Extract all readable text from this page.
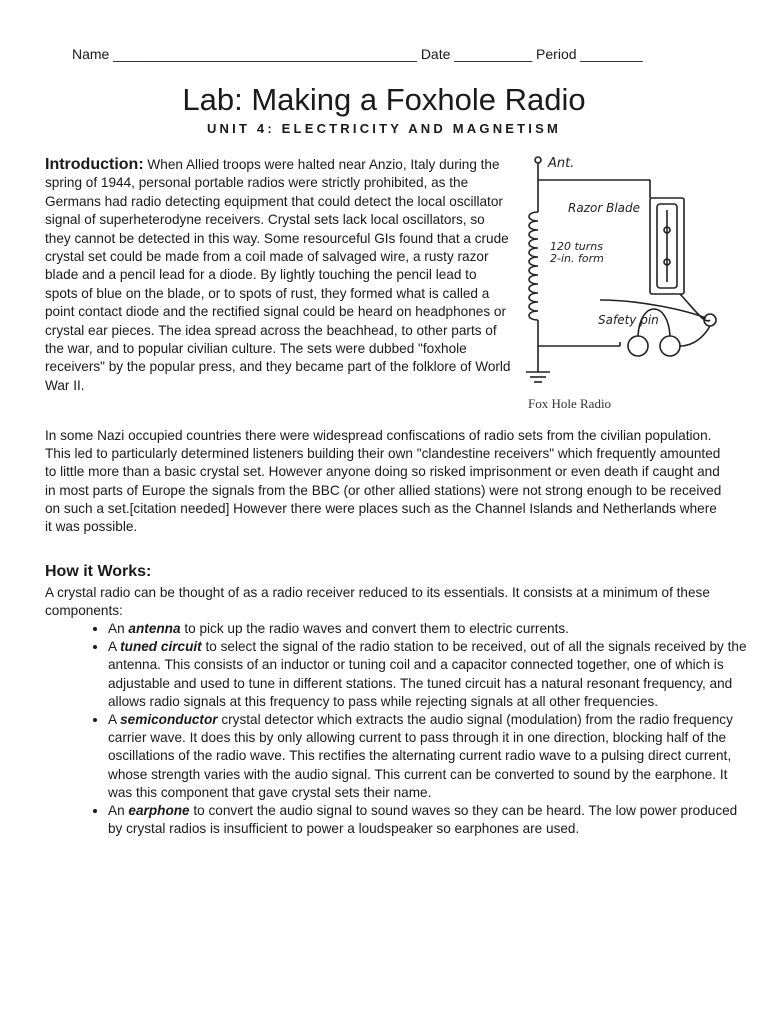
Name _______________________________________ Date __________ Period ________
Lab: Making a Foxhole Radio
UNIT 4: ELECTRICITY AND MAGNETISM
Introduction: When Allied troops were halted near Anzio, Italy during the spring of 1944, personal portable radios were strictly prohibited, as the Germans had radio detecting equipment that could detect the local oscillator signal of superheterodyne receivers. Crystal sets lack local oscillators, so they cannot be detected in this way. Some resourceful GIs found that a crude crystal set could be made from a coil made of salvaged wire, a rusty razor blade and a pencil lead for a diode. By lightly touching the pencil lead to spots of blue on the blade, or to spots of rust, they formed what is called a point contact diode and the rectified signal could be heard on headphones or crystal ear pieces. The idea spread across the beachhead, to other parts of the war, and to popular civilian culture. The sets were dubbed "foxhole receivers" by the popular press, and they became part of the folklore of World War II.
Ant.
Razor Blade
120 turns
2-in. form
Safety pin
Fox Hole Radio
In some Nazi occupied countries there were widespread confiscations of radio sets from the civilian population. This led to particularly determined listeners building their own "clandestine receivers" which frequently amounted to little more than a basic crystal set. However anyone doing so risked imprisonment or even death if caught and in most parts of Europe the signals from the BBC (or other allied stations) were not strong enough to be received on such a set.[citation needed] However there were places such as the Channel Islands and Netherlands where it was possible.
How it Works:
A crystal radio can be thought of as a radio receiver reduced to its essentials. It consists at a minimum of these components:
• An antenna to pick up the radio waves and convert them to electric currents.
• A tuned circuit to select the signal of the radio station to be received, out of all the signals received by the antenna. This consists of an inductor or tuning coil and a capacitor connected together, one of which is adjustable and used to tune in different stations. The tuned circuit has a natural resonant frequency, and allows radio signals at this frequency to pass while rejecting signals at all other frequencies.
• A semiconductor crystal detector which extracts the audio signal (modulation) from the radio frequency carrier wave. It does this by only allowing current to pass through it in one direction, blocking half of the oscillations of the radio wave. This rectifies the alternating current radio wave to a pulsing direct current, whose strength varies with the audio signal. This current can be converted to sound by the earphone. It was this component that gave crystal sets their name.
• An earphone to convert the audio signal to sound waves so they can be heard. The low power produced by crystal radios is insufficient to power a loudspeaker so earphones are used.
